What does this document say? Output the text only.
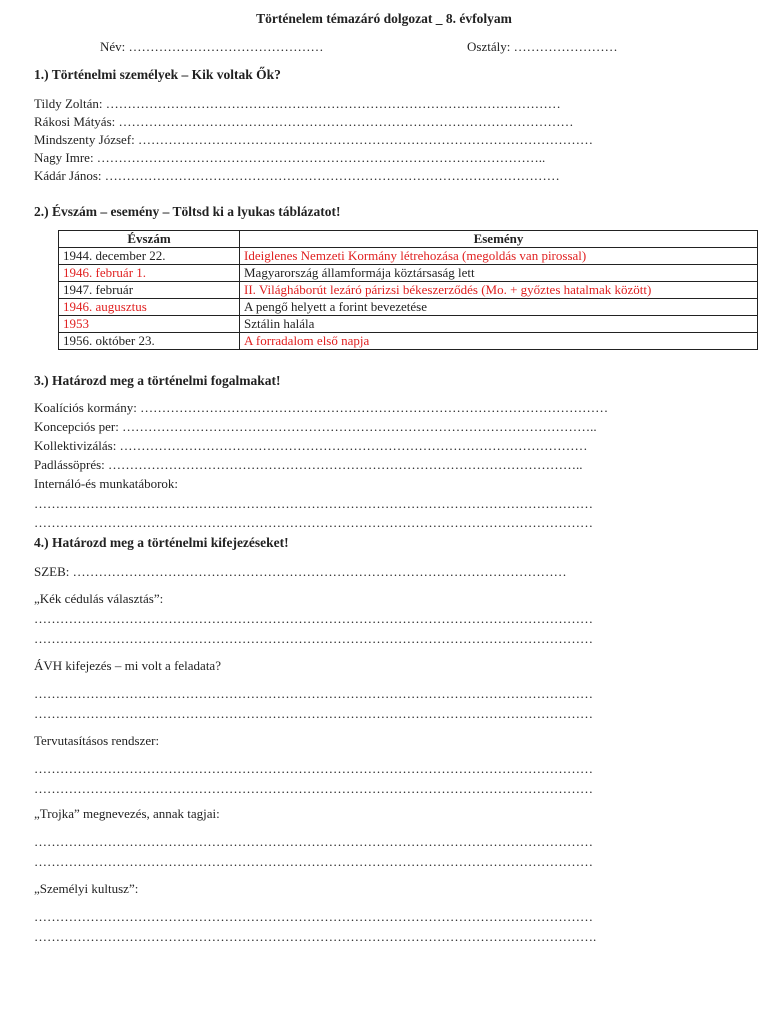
Történelem témazáró dolgozat _ 8. évfolyam
Név: ………………………………………	Osztály: ……………………
1.) Történelmi személyek – Kik voltak Ők?
Tildy Zoltán: ……………………………………………………………………………………………
Rákosi Mátyás: ……………………………………………………………………………………………
Mindszenty József: ……………………………………………………………………………………………
Nagy Imre: …………………………………………………………………………………………..
Kádár János: ……………………………………………………………………………………………
2.) Évszám – esemény – Töltsd ki a lyukas táblázatot!
Évszám	Esemény
1944. december 22.	Ideiglenes Nemzeti Kormány létrehozása (megoldás van pirossal)
1946. február 1.	Magyarország államformája köztársaság lett
1947. február	II. Világháborút lezáró párizsi békeszerződés (Mo. + győztes hatalmak között)
1946. augusztus	A pengő helyett a forint bevezetése
1953	Sztálin halála
1956. október 23.	A forradalom első napja
3.) Határozd meg a történelmi fogalmakat!
Koalíciós kormány: ………………………………………………………………………………………………
Koncepciós per: ………………………………………………………………………………………………..
Kollektivizálás: ………………………………………………………………………………………………
Padlássöprés: ………………………………………………………………………………………………..
Internáló-és munkatáborok:
…………………………………………………………………………………………………………………
…………………………………………………………………………………………………………………
4.) Határozd meg a történelmi kifejezéseket!
SZEB: ……………………………………………………………………………………………………
„Kék cédulás választás”:
…………………………………………………………………………………………………………………
…………………………………………………………………………………………………………………
ÁVH kifejezés – mi volt a feladata?
…………………………………………………………………………………………………………………
…………………………………………………………………………………………………………………
Tervutasításos rendszer:
…………………………………………………………………………………………………………………
…………………………………………………………………………………………………………………
„Trojka” megnevezés, annak tagjai:
…………………………………………………………………………………………………………………
…………………………………………………………………………………………………………………
„Személyi kultusz”:
…………………………………………………………………………………………………………………
………………………………………………………………………………………………………………….
